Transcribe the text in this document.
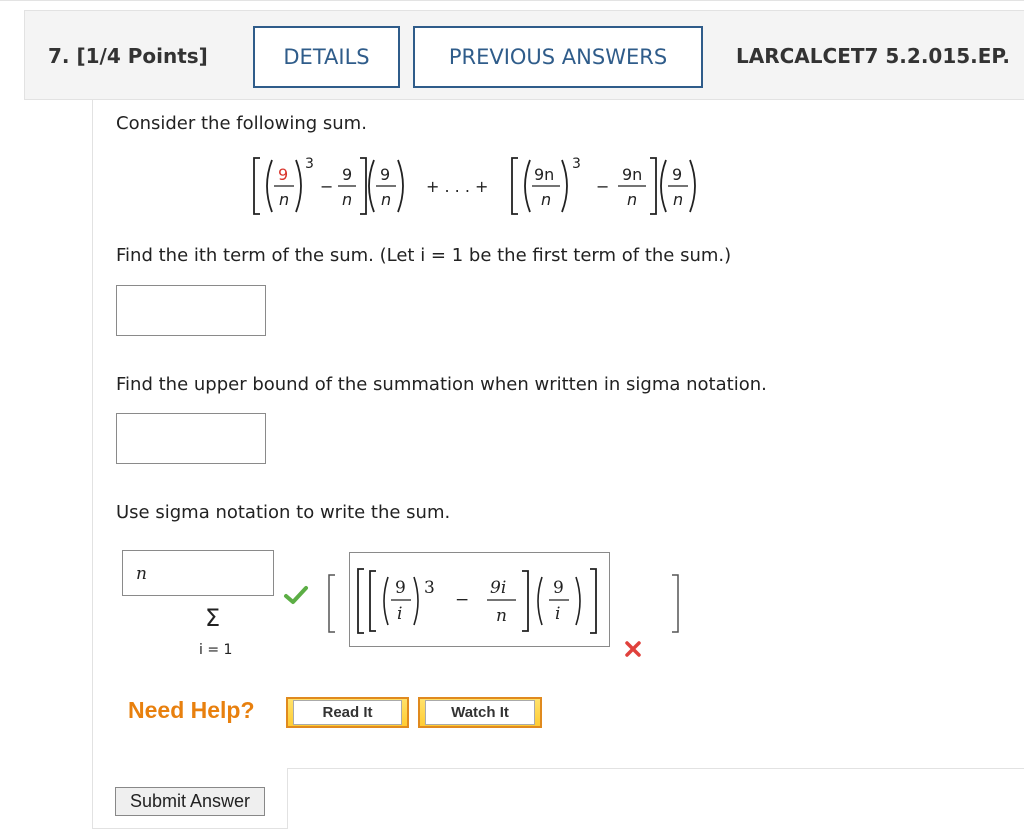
7. [1/4 Points]	DETAILS	PREVIOUS ANSWERS	LARCALCET7 5.2.015.EP.
Consider the following sum.
9
n
3
−
9
n
9
n
+ . . . +
9n
n
3
−
9n
n
9
n
Find the ith term of the sum. (Let i = 1 be the first term of the sum.)
Find the upper bound of the summation when written in sigma notation.
Use sigma notation to write the sum.
n
Σ
i = 1
9
i
3
−
9i
n
9
i
Need Help?	Read It	Watch It
Submit Answer
